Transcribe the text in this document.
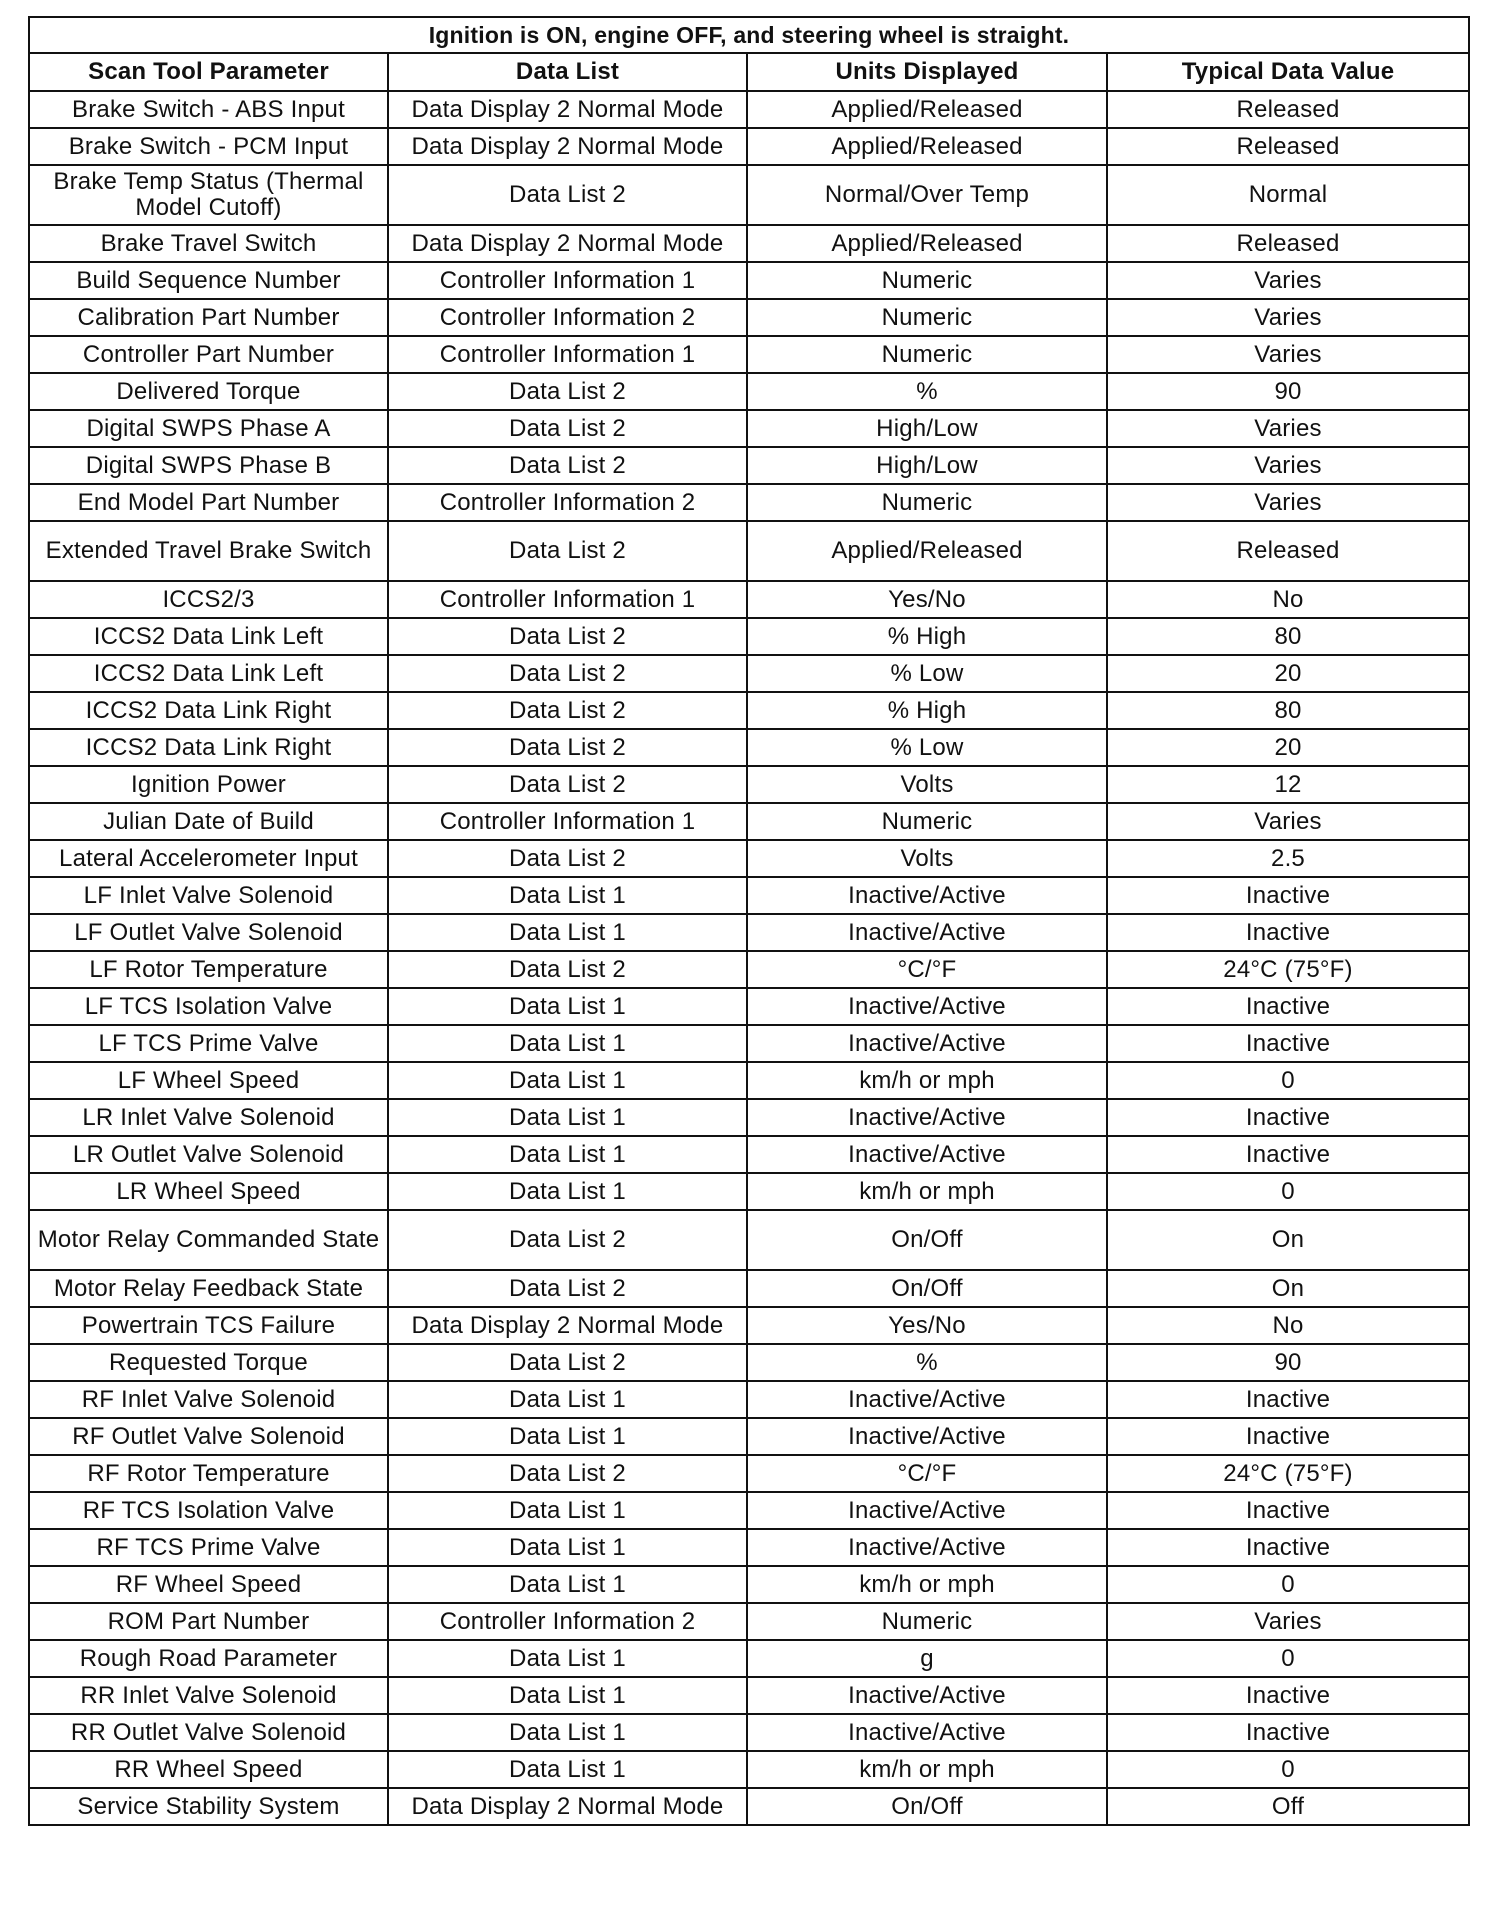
Ignition is ON, engine OFF, and steering wheel is straight.			
Scan Tool Parameter	Data List	Units Displayed	Typical Data Value
Brake Switch - ABS Input	Data Display 2 Normal Mode	Applied/Released	Released
Brake Switch - PCM Input	Data Display 2 Normal Mode	Applied/Released	Released
Brake Temp Status (Thermal Model Cutoff)	Data List 2	Normal/Over Temp	Normal
Brake Travel Switch	Data Display 2 Normal Mode	Applied/Released	Released
Build Sequence Number	Controller Information 1	Numeric	Varies
Calibration Part Number	Controller Information 2	Numeric	Varies
Controller Part Number	Controller Information 1	Numeric	Varies
Delivered Torque	Data List 2	%	90
Digital SWPS Phase A	Data List 2	High/Low	Varies
Digital SWPS Phase B	Data List 2	High/Low	Varies
End Model Part Number	Controller Information 2	Numeric	Varies
Extended Travel Brake Switch	Data List 2	Applied/Released	Released
ICCS2/3	Controller Information 1	Yes/No	No
ICCS2 Data Link Left	Data List 2	% High	80
ICCS2 Data Link Left	Data List 2	% Low	20
ICCS2 Data Link Right	Data List 2	% High	80
ICCS2 Data Link Right	Data List 2	% Low	20
Ignition Power	Data List 2	Volts	12
Julian Date of Build	Controller Information 1	Numeric	Varies
Lateral Accelerometer Input	Data List 2	Volts	2.5
LF Inlet Valve Solenoid	Data List 1	Inactive/Active	Inactive
LF Outlet Valve Solenoid	Data List 1	Inactive/Active	Inactive
LF Rotor Temperature	Data List 2	°C/°F	24°C (75°F)
LF TCS Isolation Valve	Data List 1	Inactive/Active	Inactive
LF TCS Prime Valve	Data List 1	Inactive/Active	Inactive
LF Wheel Speed	Data List 1	km/h or mph	0
LR Inlet Valve Solenoid	Data List 1	Inactive/Active	Inactive
LR Outlet Valve Solenoid	Data List 1	Inactive/Active	Inactive
LR Wheel Speed	Data List 1	km/h or mph	0
Motor Relay Commanded State	Data List 2	On/Off	On
Motor Relay Feedback State	Data List 2	On/Off	On
Powertrain TCS Failure	Data Display 2 Normal Mode	Yes/No	No
Requested Torque	Data List 2	%	90
RF Inlet Valve Solenoid	Data List 1	Inactive/Active	Inactive
RF Outlet Valve Solenoid	Data List 1	Inactive/Active	Inactive
RF Rotor Temperature	Data List 2	°C/°F	24°C (75°F)
RF TCS Isolation Valve	Data List 1	Inactive/Active	Inactive
RF TCS Prime Valve	Data List 1	Inactive/Active	Inactive
RF Wheel Speed	Data List 1	km/h or mph	0
ROM Part Number	Controller Information 2	Numeric	Varies
Rough Road Parameter	Data List 1	g	0
RR Inlet Valve Solenoid	Data List 1	Inactive/Active	Inactive
RR Outlet Valve Solenoid	Data List 1	Inactive/Active	Inactive
RR Wheel Speed	Data List 1	km/h or mph	0
Service Stability System	Data Display 2 Normal Mode	On/Off	Off
